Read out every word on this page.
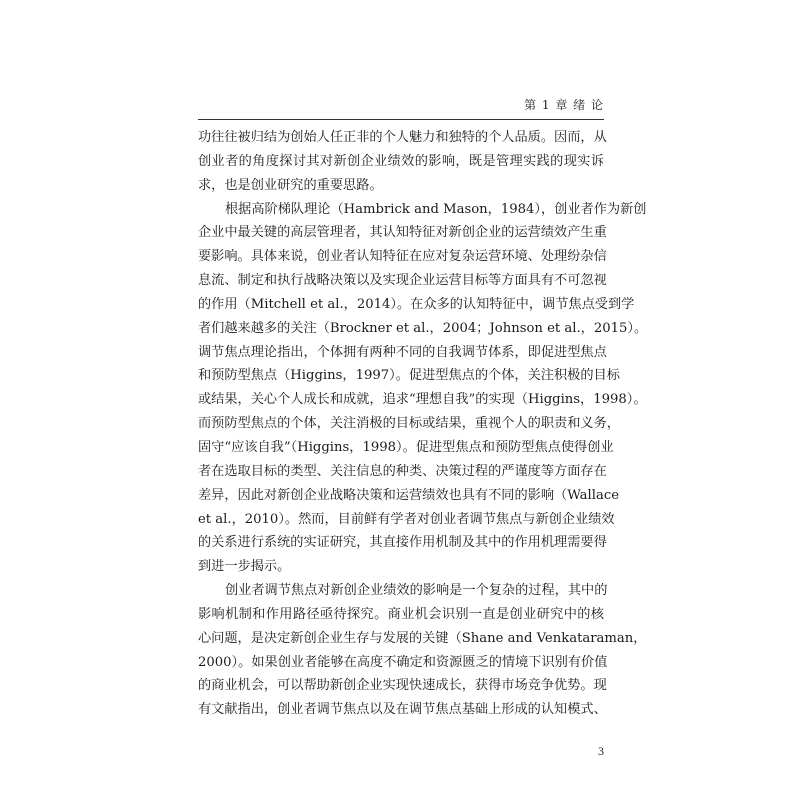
第 1 章 绪 论
功往往被归结为创始人任正非的个人魅力和独特的个人品质。因而，从
创业者的角度探讨其对新创企业绩效的影响，既是管理实践的现实诉
求，也是创业研究的重要思路。
根据高阶梯队理论（Hambrick and Mason，1984），创业者作为新创
企业中最关键的高层管理者，其认知特征对新创企业的运营绩效产生重
要影响。具体来说，创业者认知特征在应对复杂运营环境、处理纷杂信
息流、制定和执行战略决策以及实现企业运营目标等方面具有不可忽视
的作用（Mitchell et al.，2014）。在众多的认知特征中，调节焦点受到学
者们越来越多的关注（Brockner et al.，2004；Johnson et al.，2015）。
调节焦点理论指出，个体拥有两种不同的自我调节体系，即促进型焦点
和预防型焦点（Higgins，1997）。促进型焦点的个体，关注积极的目标
或结果，关心个人成长和成就，追求“理想自我”的实现（Higgins，1998）。
而预防型焦点的个体，关注消极的目标或结果，重视个人的职责和义务，
固守“应该自我”（Higgins，1998）。促进型焦点和预防型焦点使得创业
者在选取目标的类型、关注信息的种类、决策过程的严谨度等方面存在
差异，因此对新创企业战略决策和运营绩效也具有不同的影响（Wallace
et al.，2010）。然而，目前鲜有学者对创业者调节焦点与新创企业绩效
的关系进行系统的实证研究，其直接作用机制及其中的作用机理需要得
到进一步揭示。
创业者调节焦点对新创企业绩效的影响是一个复杂的过程，其中的
影响机制和作用路径亟待探究。商业机会识别一直是创业研究中的核
心问题，是决定新创企业生存与发展的关键（Shane and Venkataraman，
2000）。如果创业者能够在高度不确定和资源匮乏的情境下识别有价值
的商业机会，可以帮助新创企业实现快速成长，获得市场竞争优势。现
有文献指出，创业者调节焦点以及在调节焦点基础上形成的认知模式、
3
